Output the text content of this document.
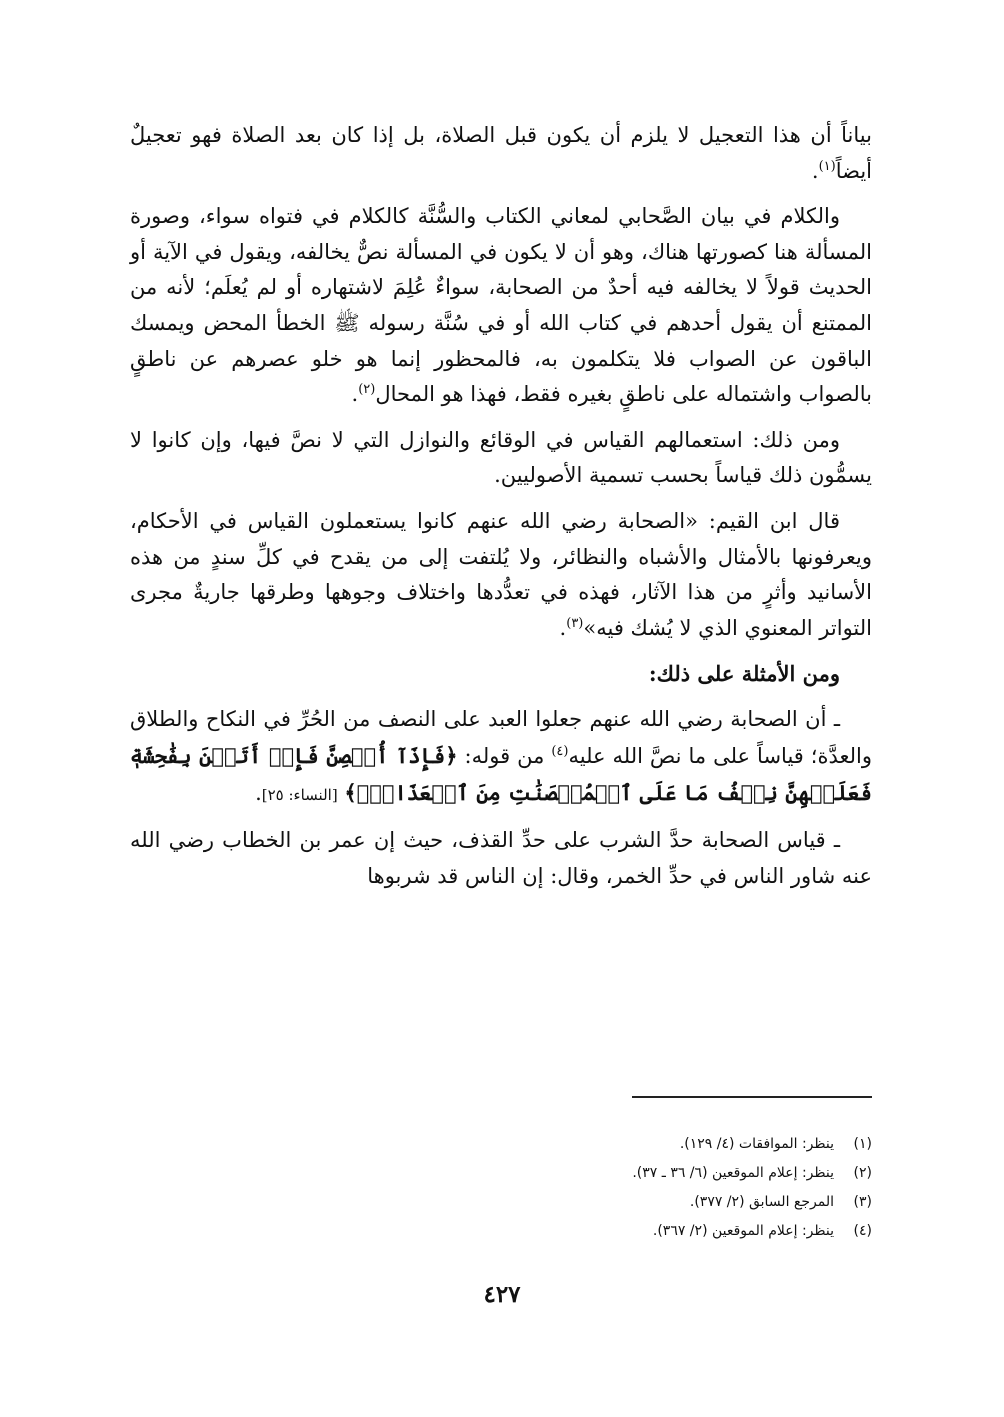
بياناً أن هذا التعجيل لا يلزم أن يكون قبل الصلاة، بل إذا كان بعد الصلاة فهو تعجيلٌ أيضاً$^{(١)}$.

والكلام في بيان الصَّحابي لمعاني الكتاب والسُّنَّة كالكلام في فتواه سواء، وصورة المسألة هنا كصورتها هناك، وهو أن لا يكون في المسألة نصٌّ يخالفه، ويقول في الآية أو الحديث قولاً لا يخالفه فيه أحدٌ من الصحابة، سواءٌ عُلِمَ لاشتهاره أو لم يُعلَم؛ لأنه من الممتنع أن يقول أحدهم في كتاب الله أو في سُنَّة رسوله ﷺ الخطأ المحض ويمسك الباقون عن الصواب فلا يتكلمون به، فالمحظور إنما هو خلو عصرهم عن ناطقٍ بالصواب واشتماله على ناطقٍ بغيره فقط، فهذا هو المحال$^{(٢)}$.

ومن ذلك: استعمالهم القياس في الوقائع والنوازل التي لا نصَّ فيها، وإن كانوا لا يسمُّون ذلك قياساً بحسب تسمية الأصوليين.

قال ابن القيم: «الصحابة رضي الله عنهم كانوا يستعملون القياس في الأحكام، ويعرفونها بالأمثال والأشباه والنظائر، ولا يُلتفت إلى من يقدح في كلِّ سندٍ من هذه الأسانيد وأثرٍ من هذا الآثار، فهذه في تعدُّدها واختلاف وجوهها وطرقها جاريةٌ مجرى التواتر المعنوي الذي لا يُشك فيه»$^{(٣)}$.

ومن الأمثلة على ذلك:

ـ أن الصحابة رضي الله عنهم جعلوا العبد على النصف من الحُرِّ في النكاح والطلاق والعدَّة؛ قياساً على ما نصَّ الله عليه$^{(٤)}$ من قوله: ﴿فَإِذَآ أُحۡصِنَّ فَإِنۡ أَتَيۡنَ بِفَٰحِشَةٖ فَعَلَيۡهِنَّ نِصۡفُ مَا عَلَى ٱلۡمُحۡصَنَٰتِ مِنَ ٱلۡعَذَابِۚ﴾ [النساء: ٢٥].

ـ قياس الصحابة حدَّ الشرب على حدِّ القذف، حيث إن عمر بن الخطاب رضي الله عنه شاور الناس في حدِّ الخمر، وقال: إن الناس قد شربوها

(١)ينظر: الموافقات (٤/ ١٢٩).
(٢)ينظر: إعلام الموقعين (٦/ ٣٦ ـ ٣٧).
(٣)المرجع السابق (٢/ ٣٧٧).
(٤)ينظر: إعلام الموقعين (٢/ ٣٦٧).
٤٢٧
